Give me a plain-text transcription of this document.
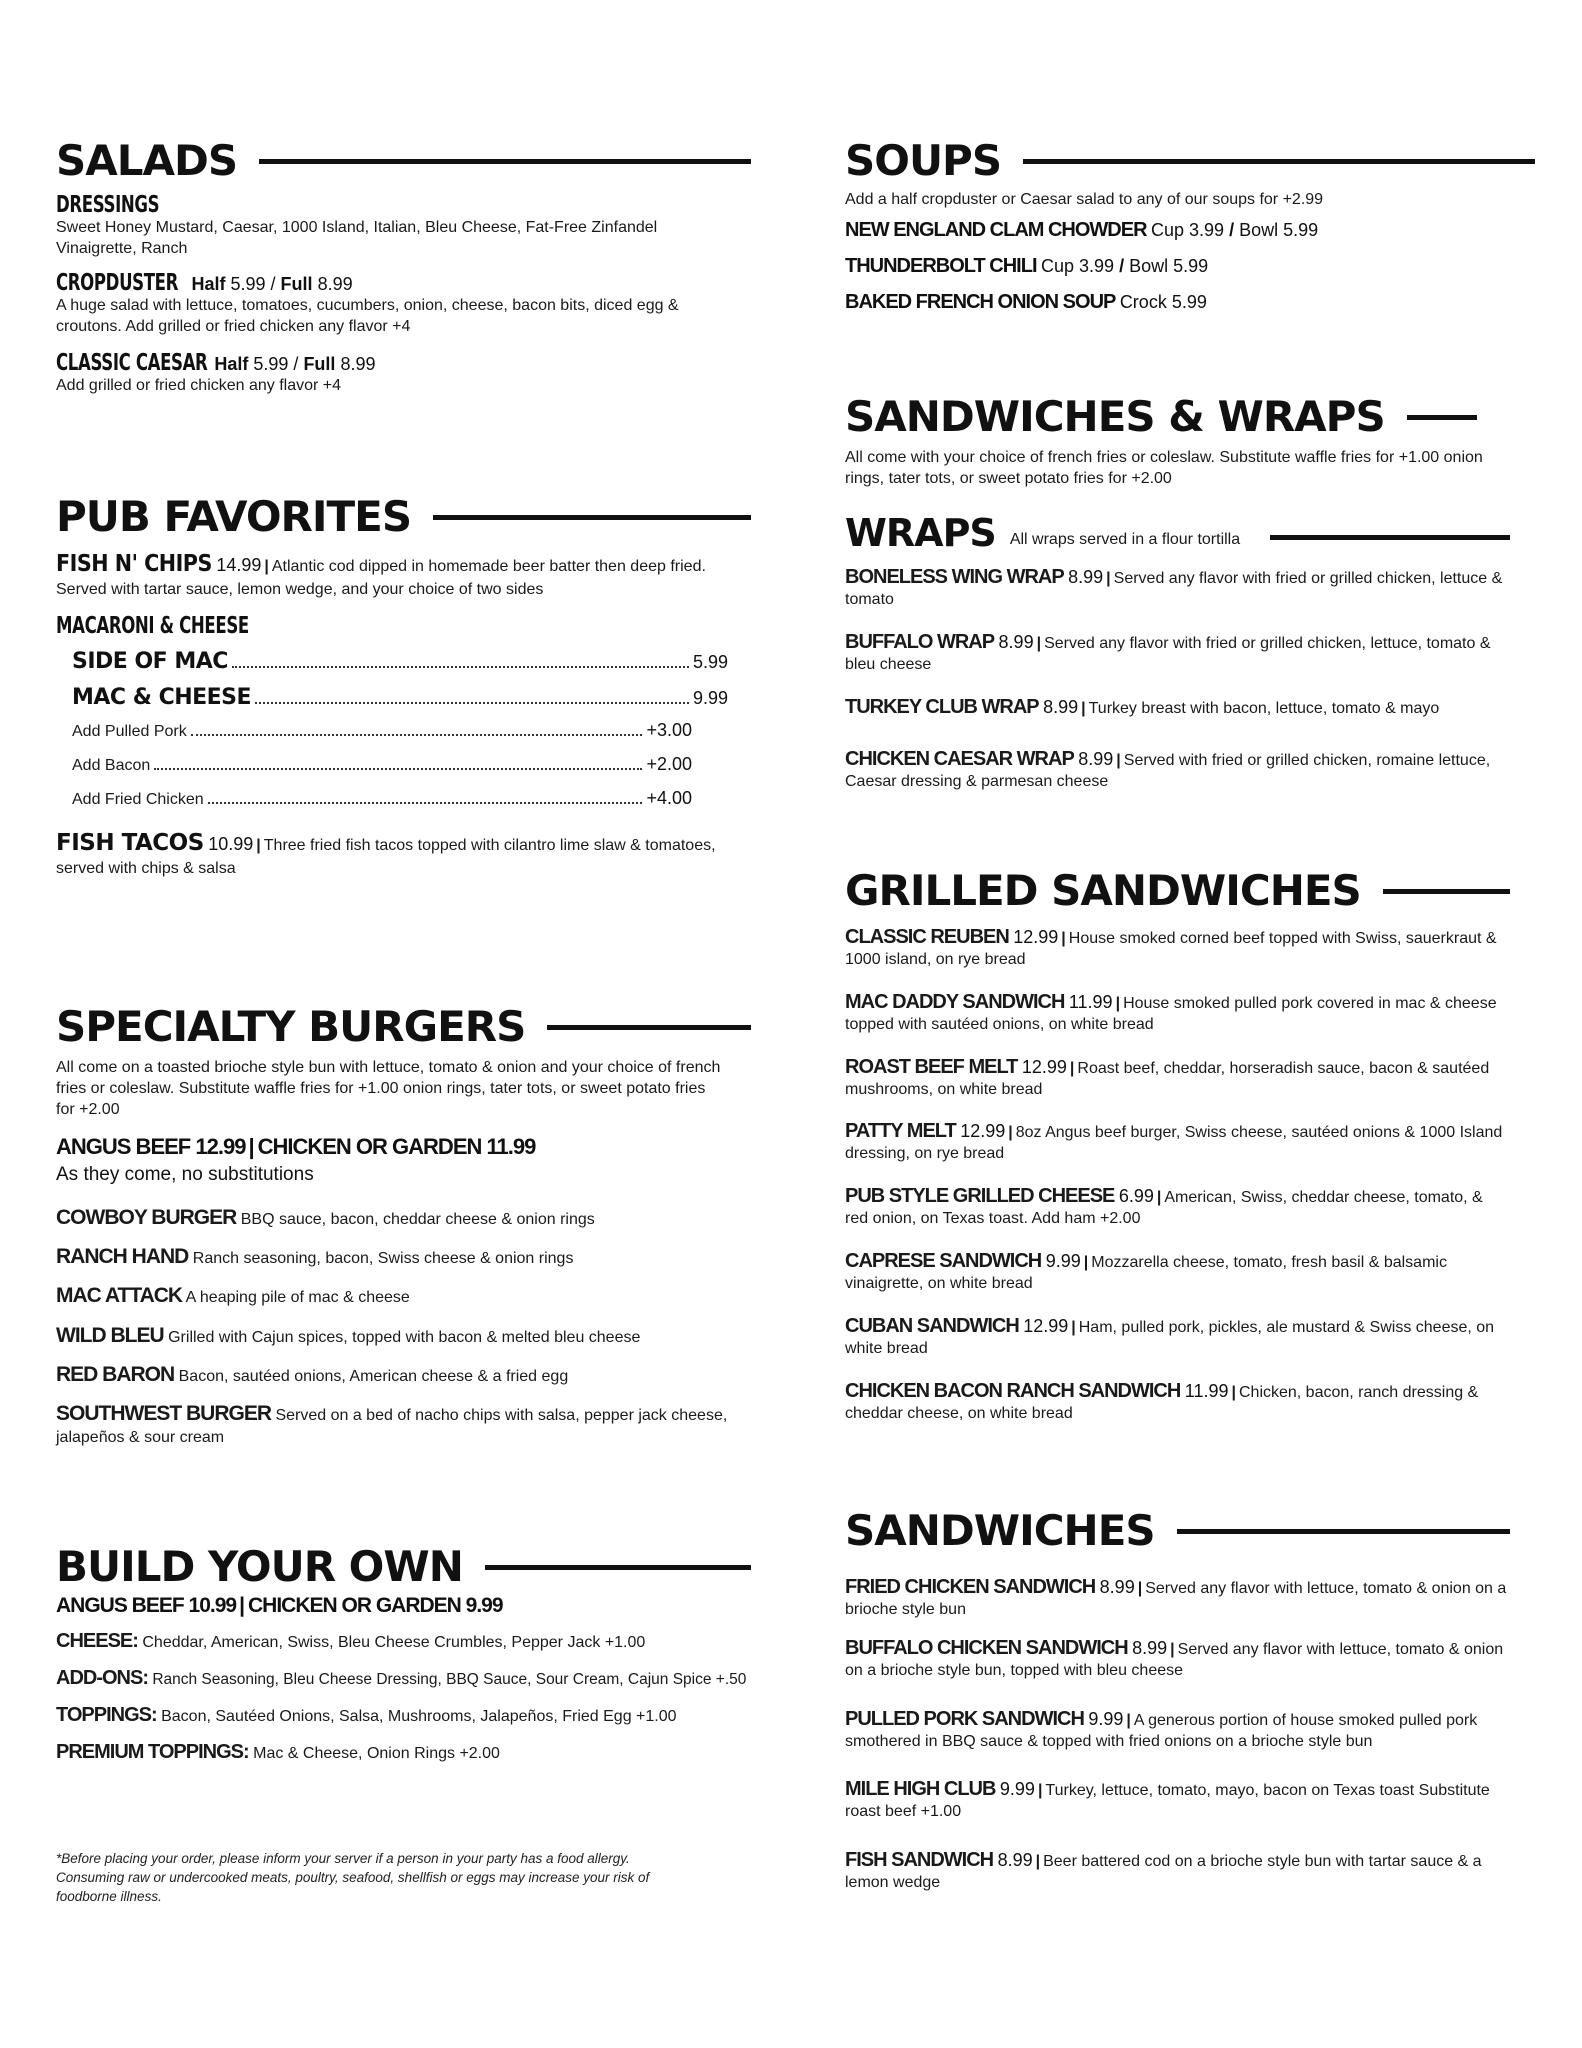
SALADS
DRESSINGS
Sweet Honey Mustard, Caesar, 1000 Island, Italian, Bleu Cheese, Fat-Free Zinfandel Vinaigrette, Ranch
CROPDUSTER Half 5.99 / Full 8.99
A huge salad with lettuce, tomatoes, cucumbers, onion, cheese, bacon bits, diced egg & croutons. Add grilled or fried chicken any flavor +4
CLASSIC CAESAR Half 5.99 / Full 8.99
Add grilled or fried chicken any flavor +4
PUB FAVORITES
FISH N' CHIPS 14.99 | Atlantic cod dipped in homemade beer batter then deep fried. Served with tartar sauce, lemon wedge, and your choice of two sides
MACARONI & CHEESE
SIDE OF MAC	5.99
MAC & CHEESE	9.99
Add Pulled Pork	+3.00
Add Bacon	+2.00
Add Fried Chicken	+4.00
FISH TACOS 10.99 | Three fried fish tacos topped with cilantro lime slaw & tomatoes, served with chips & salsa
SPECIALTY BURGERS
All come on a toasted brioche style bun with lettuce, tomato & onion and your choice of french fries or coleslaw. Substitute waffle fries for +1.00 onion rings, tater tots, or sweet potato fries for +2.00
ANGUS BEEF 12.99 | CHICKEN OR GARDEN 11.99
As they come, no substitutions
COWBOY BURGER BBQ sauce, bacon, cheddar cheese & onion rings
RANCH HAND Ranch seasoning, bacon, Swiss cheese & onion rings
MAC ATTACK A heaping pile of mac & cheese
WILD BLEU Grilled with Cajun spices, topped with bacon & melted bleu cheese
RED BARON Bacon, sautéed onions, American cheese & a fried egg
SOUTHWEST BURGER Served on a bed of nacho chips with salsa, pepper jack cheese, jalapeños & sour cream
BUILD YOUR OWN
ANGUS BEEF 10.99 | CHICKEN OR GARDEN 9.99
CHEESE: Cheddar, American, Swiss, Bleu Cheese Crumbles, Pepper Jack +1.00
ADD-ONS: Ranch Seasoning, Bleu Cheese Dressing, BBQ Sauce, Sour Cream, Cajun Spice +.50
TOPPINGS: Bacon, Sautéed Onions, Salsa, Mushrooms, Jalapeños, Fried Egg +1.00
PREMIUM TOPPINGS: Mac & Cheese, Onion Rings +2.00
*Before placing your order, please inform your server if a person in your party has a food allergy. Consuming raw or undercooked meats, poultry, seafood, shellfish or eggs may increase your risk of foodborne illness.
SOUPS
Add a half cropduster or Caesar salad to any of our soups for +2.99
NEW ENGLAND CLAM CHOWDER Cup 3.99 / Bowl 5.99
THUNDERBOLT CHILI Cup 3.99 / Bowl 5.99
BAKED FRENCH ONION SOUP Crock 5.99
SANDWICHES & WRAPS
All come with your choice of french fries or coleslaw. Substitute waffle fries for +1.00 onion rings, tater tots, or sweet potato fries for +2.00
WRAPS All wraps served in a flour tortilla
BONELESS WING WRAP 8.99 | Served any flavor with fried or grilled chicken, lettuce & tomato
BUFFALO WRAP 8.99 | Served any flavor with fried or grilled chicken, lettuce, tomato & bleu cheese
TURKEY CLUB WRAP 8.99 | Turkey breast with bacon, lettuce, tomato & mayo
CHICKEN CAESAR WRAP 8.99 | Served with fried or grilled chicken, romaine lettuce, Caesar dressing & parmesan cheese
GRILLED SANDWICHES
CLASSIC REUBEN 12.99 | House smoked corned beef topped with Swiss, sauerkraut & 1000 island, on rye bread
MAC DADDY SANDWICH 11.99 | House smoked pulled pork covered in mac & cheese topped with sautéed onions, on white bread
ROAST BEEF MELT 12.99 | Roast beef, cheddar, horseradish sauce, bacon & sautéed mushrooms, on white bread
PATTY MELT 12.99 | 8oz Angus beef burger, Swiss cheese, sautéed onions & 1000 Island dressing, on rye bread
PUB STYLE GRILLED CHEESE 6.99 | American, Swiss, cheddar cheese, tomato, & red onion, on Texas toast. Add ham +2.00
CAPRESE SANDWICH 9.99 | Mozzarella cheese, tomato, fresh basil & balsamic vinaigrette, on white bread
CUBAN SANDWICH 12.99 | Ham, pulled pork, pickles, ale mustard & Swiss cheese, on white bread
CHICKEN BACON RANCH SANDWICH 11.99 | Chicken, bacon, ranch dressing & cheddar cheese, on white bread
SANDWICHES
FRIED CHICKEN SANDWICH 8.99 | Served any flavor with lettuce, tomato & onion on a brioche style bun
BUFFALO CHICKEN SANDWICH 8.99 | Served any flavor with lettuce, tomato & onion on a brioche style bun, topped with bleu cheese
PULLED PORK SANDWICH 9.99 | A generous portion of house smoked pulled pork smothered in BBQ sauce & topped with fried onions on a brioche style bun
MILE HIGH CLUB 9.99 | Turkey, lettuce, tomato, mayo, bacon on Texas toast Substitute roast beef +1.00
FISH SANDWICH 8.99 | Beer battered cod on a brioche style bun with tartar sauce & a lemon wedge
